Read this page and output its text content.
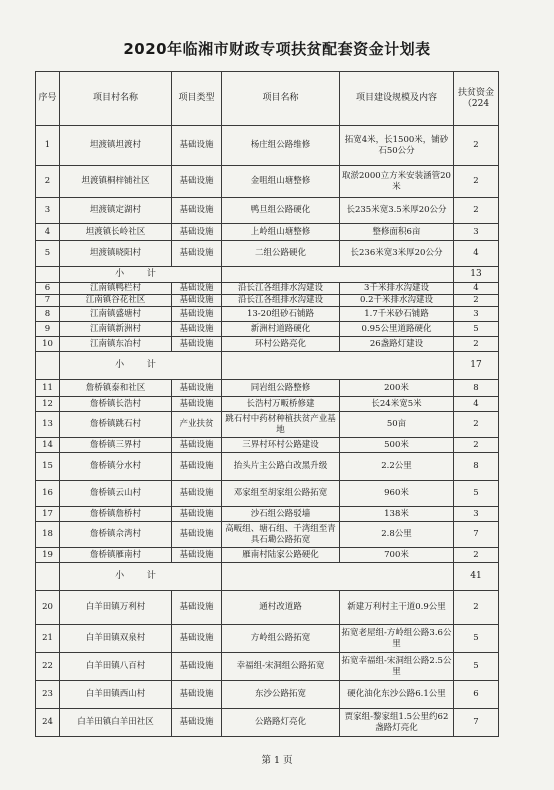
2020年临湘市财政专项扶贫配套资金计划表
序号	项目村名称	项目类型	项目名称	项目建设规模及内容	扶贫资金（224
1	坦渡镇坦渡村	基础设施	杨庄组公路维修	拓宽4米，长1500米，铺砂石50公分	2
2	坦渡镇桐梓铺社区	基础设施	金咀组山塘整修	取淤2000立方米安装涵管20米	2
3	坦渡镇定湖村	基础设施	鸭旦组公路硬化	长235米宽3.5米厚20公分	2
4	坦渡镇长岭社区	基础设施	上岭组山塘整修	整修面积6亩	3
5	坦渡镇晓阳村	基础设施	二组公路硬化	长236米宽3米厚20公分	4
	小 计				13
6	江南镇鸭栏村	基础设施	沿长江各组排水沟建设	3千米排水沟建设	4
7	江南镇谷花社区	基础设施	沿长江各组排水沟建设	0.2千米排水沟建设	2
8	江南镇盛塘村	基础设施	13-20组砂石铺路	1.7千米砂石铺路	3
9	江南镇新洲村	基础设施	新洲村道路硬化	0.95公里道路硬化	5
10	江南镇东冶村	基础设施	环村公路亮化	26盏路灯建设	2
	小 计				17
11	詹桥镇泰和社区	基础设施	同岩组公路整修	200米	8
12	詹桥镇长浩村	基础设施	长浩村万畈桥修建	长24米宽5米	4
13	詹桥镇跳石村	产业扶贫	跳石村中药材种植扶贫产业基地	50亩	2
14	詹桥镇三界村	基础设施	三界村环村公路建设	500米	2
15	詹桥镇分水村	基础设施	抬头片主公路白改黑升级	2.2公里	8
16	詹桥镇云山村	基础设施	邓家组至胡家组公路拓宽	960米	5
17	詹桥镇詹桥村	基础设施	沙石组公路驳墙	138米	3
18	詹桥镇佘湾村	基础设施	高畈组、塘石组、千湾组至青具石墈公路拓宽	2.8公里	7
19	詹桥镇雁南村	基础设施	雁南村陆家公路硬化	700米	2
	小 计				41
20	白羊田镇万利村	基础设施	通村改道路	新建万利村主干道0.9公里	2
21	白羊田镇双泉村	基础设施	方岭组公路拓宽	拓宽老屋组-方岭组公路3.6公里	5
22	白羊田镇八百村	基础设施	幸福组-宋洞组公路拓宽	拓宽幸福组-宋洞组公路2.5公里	5
23	白羊田镇西山村	基础设施	东沙公路拓宽	硬化油化东沙公路6.1公里	6
24	白羊田镇白羊田社区	基础设施	公路路灯亮化	贾家组-黎家组1.5公里约62盏路灯亮化	7
第 1 页
